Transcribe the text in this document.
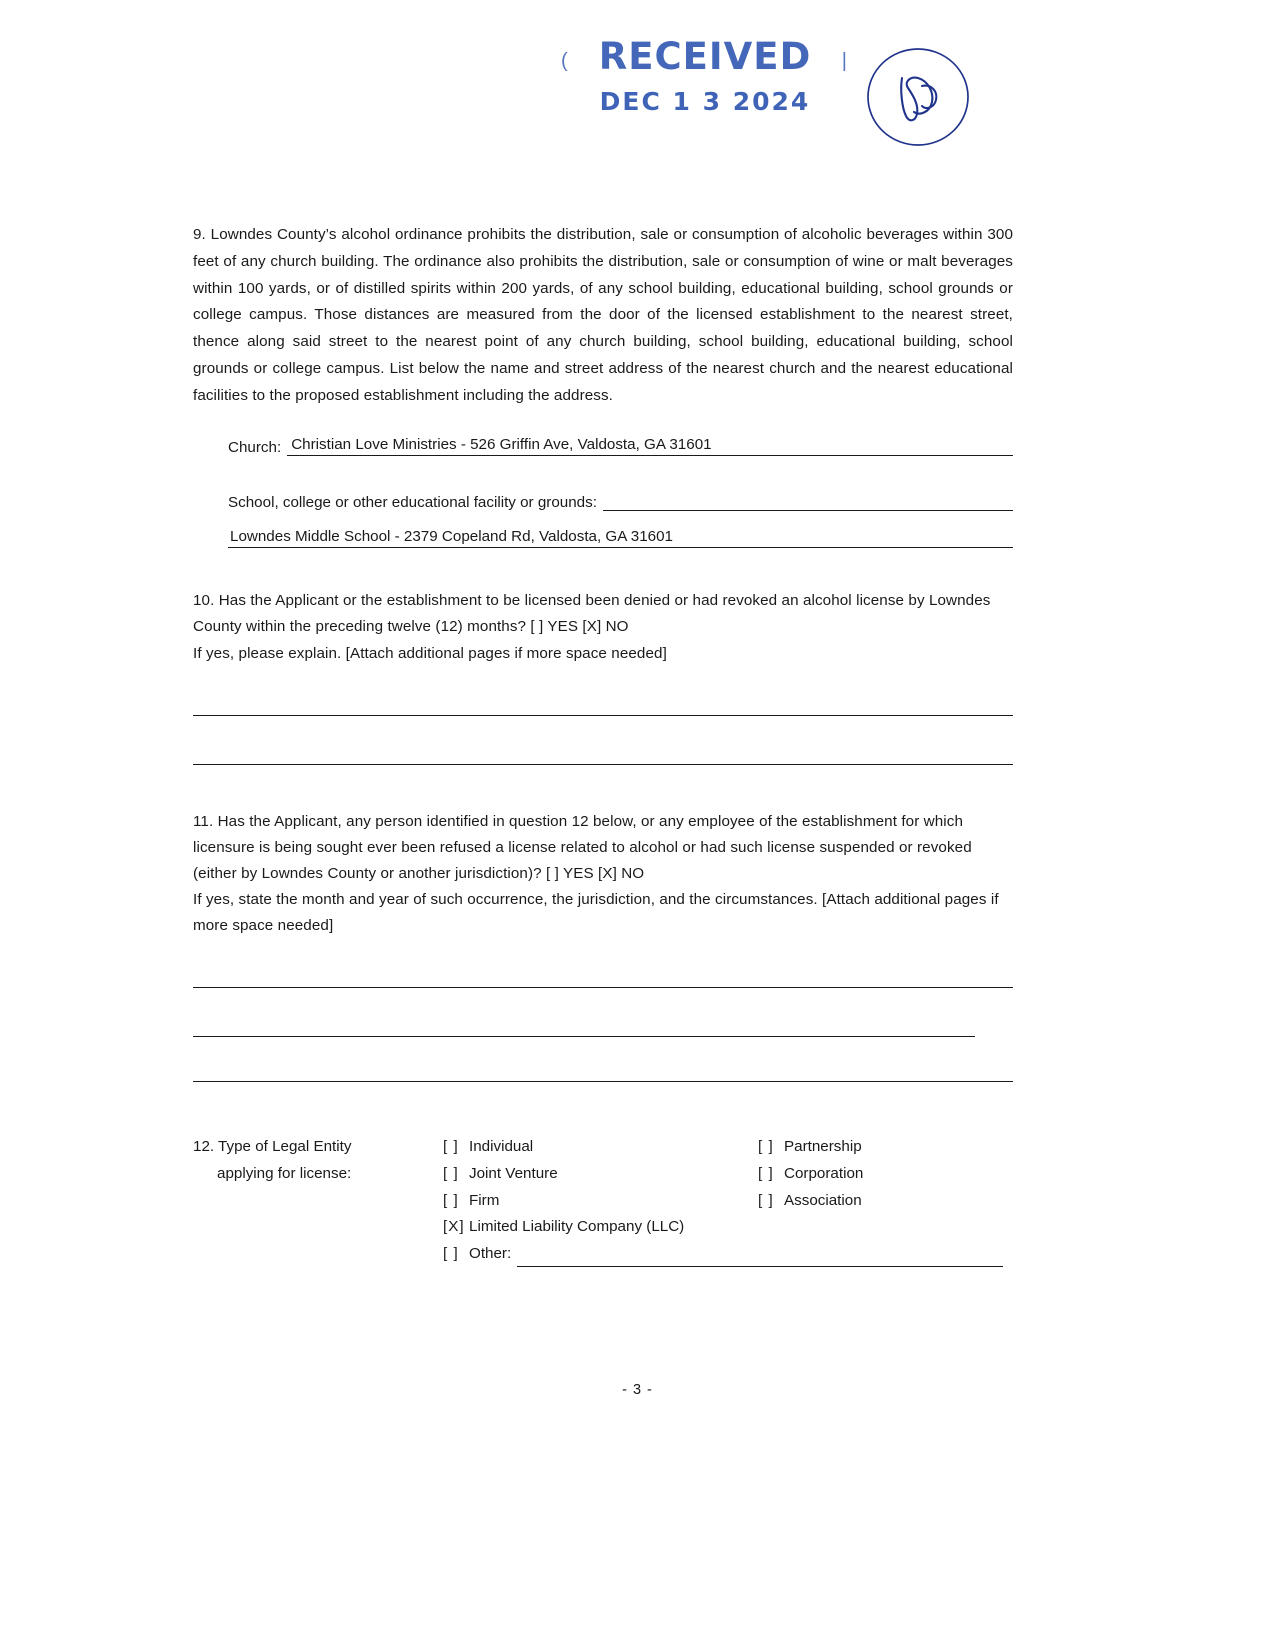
(	|
RECEIVED
DEC 1 3 2024
9. Lowndes County’s alcohol ordinance prohibits the distribution, sale or consumption of alcoholic beverages within 300 feet of any church building. The ordinance also prohibits the distribution, sale or consumption of wine or malt beverages within 100 yards, or of distilled spirits within 200 yards, of any school building, educational building, school grounds or college campus. Those distances are measured from the door of the licensed establishment to the nearest street, thence along said street to the nearest point of any church building, school building, educational building, school grounds or college campus. List below the name and street address of the nearest church and the nearest educational facilities to the proposed establishment including the address.
Church: Christian Love Ministries - 526 Griffin Ave, Valdosta, GA 31601
School, college or other educational facility or grounds:
Lowndes Middle School - 2379 Copeland Rd, Valdosta, GA 31601
10. Has the Applicant or the establishment to be licensed been denied or had revoked an alcohol license by Lowndes County within the preceding twelve (12) months? [ ] YES [X] NO
If yes, please explain. [Attach additional pages if more space needed]
11. Has the Applicant, any person identified in question 12 below, or any employee of the establishment for which licensure is being sought ever been refused a license related to alcohol or had such license suspended or revoked (either by Lowndes County or another jurisdiction)? [ ] YES [X] NO
If yes, state the month and year of such occurrence, the jurisdiction, and the circumstances. [Attach additional pages if more space needed]
12. Type of Legal Entity
applying for license:
[ ] Individual
[ ] Joint Venture
[ ] Firm
[X] Limited Liability Company (LLC)
[ ] Other:
[ ] Partnership
[ ] Corporation
[ ] Association
- 3 -
